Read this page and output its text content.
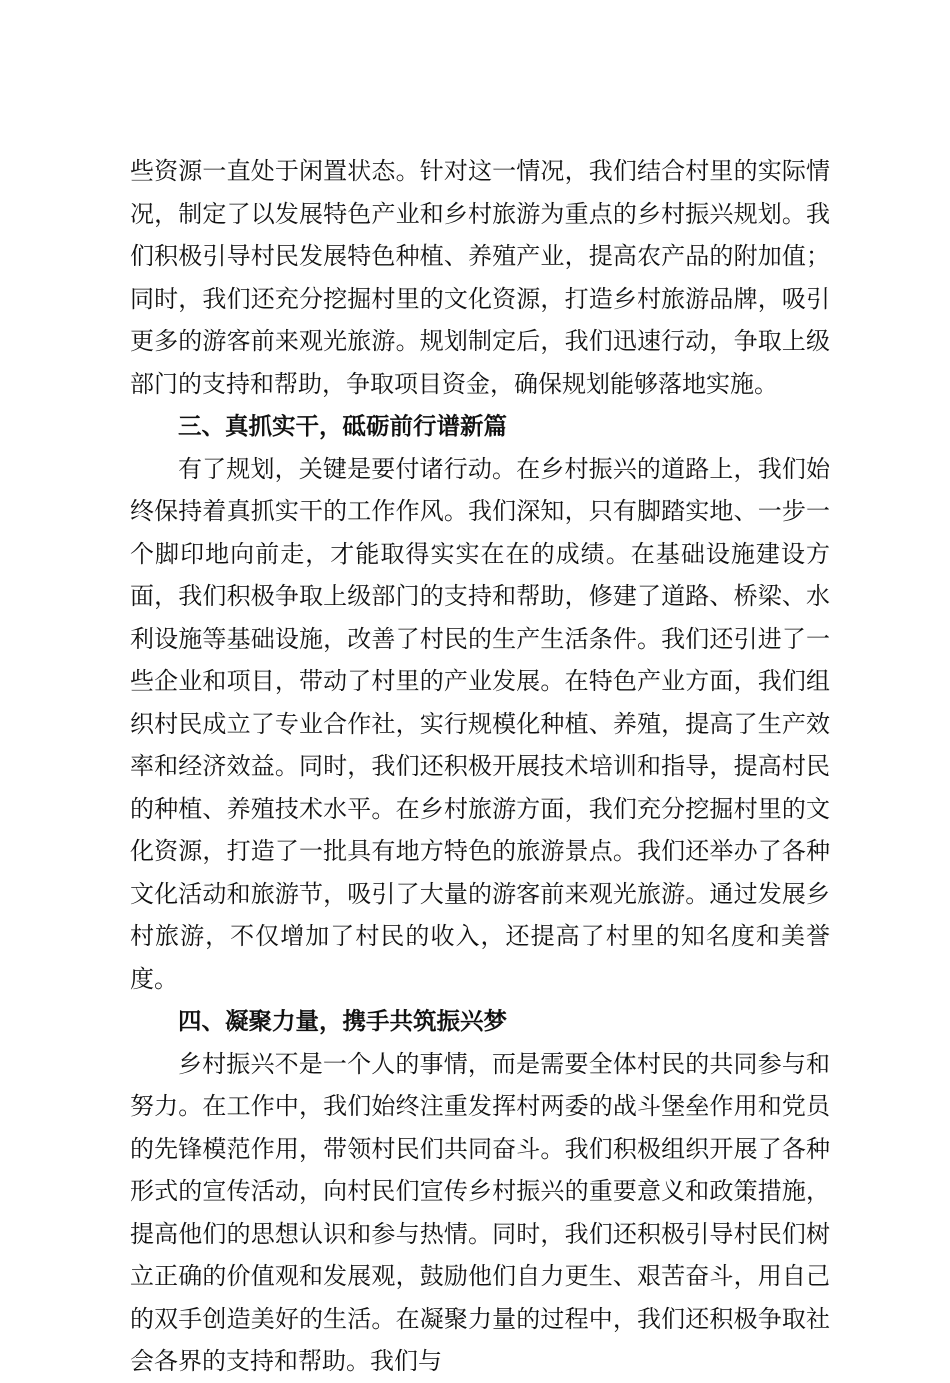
些资源一直处于闲置状态。针对这一情况，我们结合村里的实际情况，制定了以发展特色产业和乡村旅游为重点的乡村振兴规划。我们积极引导村民发展特色种植、养殖产业，提高农产品的附加值；同时，我们还充分挖掘村里的文化资源，打造乡村旅游品牌，吸引更多的游客前来观光旅游。规划制定后，我们迅速行动，争取上级部门的支持和帮助，争取项目资金，确保规划能够落地实施。

三、真抓实干，砥砺前行谱新篇

有了规划，关键是要付诸行动。在乡村振兴的道路上，我们始终保持着真抓实干的工作作风。我们深知，只有脚踏实地、一步一个脚印地向前走，才能取得实实在在的成绩。在基础设施建设方面，我们积极争取上级部门的支持和帮助，修建了道路、桥梁、水利设施等基础设施，改善了村民的生产生活条件。我们还引进了一些企业和项目，带动了村里的产业发展。在特色产业方面，我们组织村民成立了专业合作社，实行规模化种植、养殖，提高了生产效率和经济效益。同时，我们还积极开展技术培训和指导，提高村民的种植、养殖技术水平。在乡村旅游方面，我们充分挖掘村里的文化资源，打造了一批具有地方特色的旅游景点。我们还举办了各种文化活动和旅游节，吸引了大量的游客前来观光旅游。通过发展乡村旅游，不仅增加了村民的收入，还提高了村里的知名度和美誉度。

四、凝聚力量，携手共筑振兴梦

乡村振兴不是一个人的事情，而是需要全体村民的共同参与和努力。在工作中，我们始终注重发挥村两委的战斗堡垒作用和党员的先锋模范作用，带领村民们共同奋斗。我们积极组织开展了各种形式的宣传活动，向村民们宣传乡村振兴的重要意义和政策措施，提高他们的思想认识和参与热情。同时，我们还积极引导村民们树立正确的价值观和发展观，鼓励他们自力更生、艰苦奋斗，用自己的双手创造美好的生活。在凝聚力量的过程中，我们还积极争取社会各界的支持和帮助。我们与
